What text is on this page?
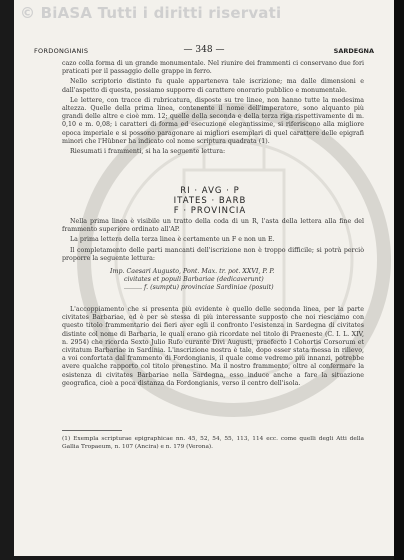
© BiASA Tutti i diritti riservati
FORDONGIANIS	— 348 —	SARDEGNA

cazo colla forma di un grande monumentale. Nel riunire dei frammenti ci conservano due fori praticati per il passaggio delle grappe in ferro.

Nello scriptorio distinto fu quale apparteneva tale iscrizione; ma dalle dimensioni e dall'aspetto di questa, possiamo supporre di carattere onorario pubblico e monumentale.

Le lettere, con tracce di rubricatura, disposte su tre linee, non hanno tutte la medesima altezza. Quelle della prima linea, contenente il nome dell'imperatore, sono alquanto più grandi delle altre e cioè mm. 12; quelle della seconda e della terza riga rispettivamente di m. 0,10 e m. 0,08; i caratteri di forma ed esecuzione elegantissime, si riferiscono alla migliore epoca imperiale e si possono paragonare ai migliori esemplari di quel carattere delle epigrafi minori che l'Hübner ha indicato col nome scriptura quadrata (1).

Riesumati i frammenti, si ha la seguente lettura:

RI · AVG · P
ITATES · BARB
F · PROVINCIA

Nella prima linea è visibile un tratto della coda di un R, l'asta della lettera alla fine del frammento superiore ordinato all'AP.

La prima lettera della terza linea è certamente un F e non un E.

Il completamento delle parti mancanti dell'iscrizione non è troppo difficile; si potrà perciò proporre la seguente lettura:

Imp. Caesari Augusto, Pont. Max. tr. pot. XXVI, P. P.
civitates et populi Barbariae (dedicaverunt)
......... f. (sumptu) provinciae Sardiniae (posuit)

L'accoppiamento che si presenta più evidente è quello delle seconda linea, per la parte civitates Barbariae, ed è per sè stessa di più interessante supposto che noi riesciamo con questo titolo frammentario dei fieri aver egli il confronto l'esistenza in Sardegna di civitates distinte col nome di Barbaria, le quali erano già ricordate nel titolo di Praeneste (C. I. L. XIV, n. 2954) che ricorda Sexto Julio Rufo curante Divi Augusti, praefecto I Cohortis Corsorum et civitatum Barbariae in Sardinia. L'inscrizione nostra è tale, dopo esser stata messa in rilievo, a voi confortata dal frammento di Fordongianis, il quale come vedremo più innanzi, potrebbe avere qualche rapporto col titolo prenestino. Ma il nostro frammento, oltre al confermare la esistenza di civitates Barbariae nella Sardegna, esso induce anche a fare la situazione geografica, cioè a poca distanza da Fordongianis, verso il centro dell'isola.

(1) Exempla scripturae epigraphicae nn. 45, 52, 54, 55, 113, 114 ecc. come quelli degli Atti della Gallia Tropaeum, n. 107 (Ancira) e n. 179 (Verona).
